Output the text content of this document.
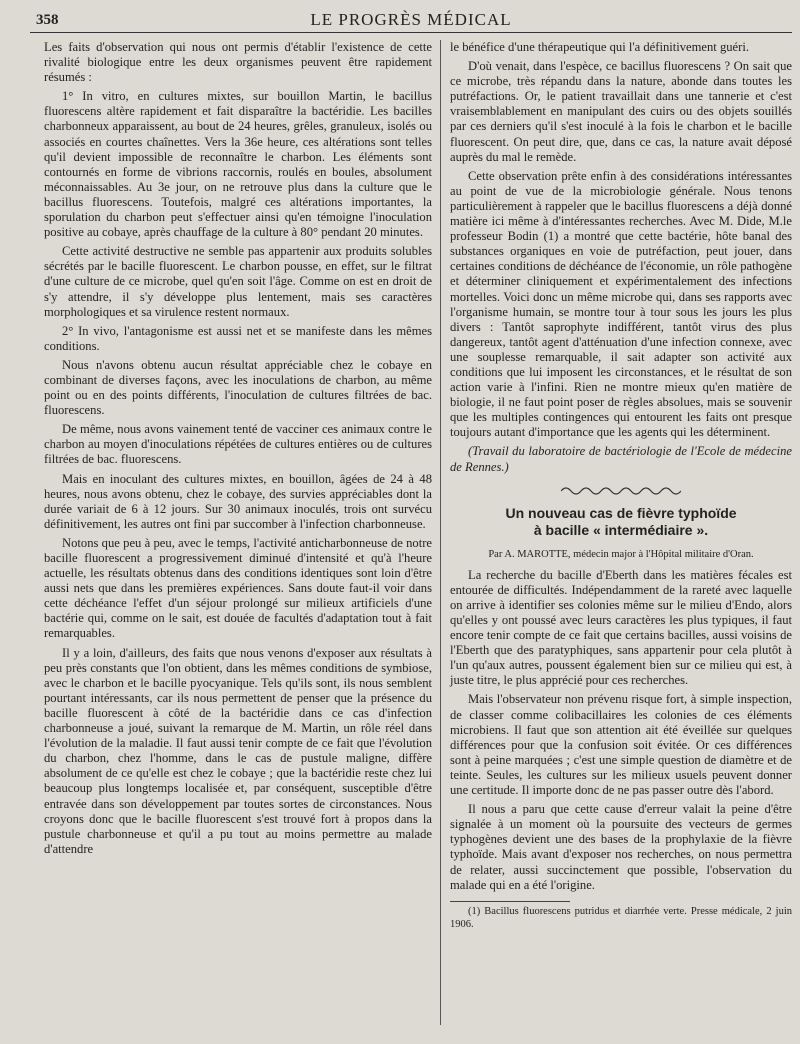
358	LE PROGRÈS MÉDICAL

Les faits d'observation qui nous ont permis d'établir l'existence de cette rivalité biologique entre les deux organismes peuvent être rapidement résumés :

1° In vitro, en cultures mixtes, sur bouillon Martin, le bacillus fluorescens altère rapidement et fait disparaître la bactéridie. Les bacilles charbonneux apparaissent, au bout de 24 heures, grêles, granuleux, isolés ou associés en courtes chaînettes. Vers la 36e heure, ces altérations sont telles qu'il devient impossible de reconnaître le charbon. Les éléments sont contournés en forme de vibrions raccornis, roulés en boules, absolument méconnaissables. Au 3e jour, on ne retrouve plus dans la culture que le bacillus fluorescens. Toutefois, malgré ces altérations importantes, la sporulation du charbon peut s'effectuer ainsi qu'en témoigne l'inoculation positive au cobaye, après chauffage de la culture à 80° pendant 20 minutes.

Cette activité destructive ne semble pas appartenir aux produits solubles sécrétés par le bacille fluorescent. Le charbon pousse, en effet, sur le filtrat d'une culture de ce microbe, quel qu'en soit l'âge. Comme on est en droit de s'y attendre, il s'y développe plus lentement, mais ses caractères morphologiques et sa virulence restent normaux.

2° In vivo, l'antagonisme est aussi net et se manifeste dans les mêmes conditions.

Nous n'avons obtenu aucun résultat appréciable chez le cobaye en combinant de diverses façons, avec les inoculations de charbon, au même point ou en des points différents, l'inoculation de cultures filtrées de bac. fluorescens.

De même, nous avons vainement tenté de vacciner ces animaux contre le charbon au moyen d'inoculations répétées de cultures entières ou de cultures filtrées de bac. fluorescens.

Mais en inoculant des cultures mixtes, en bouillon, âgées de 24 à 48 heures, nous avons obtenu, chez le cobaye, des survies appréciables dont la durée variait de 6 à 12 jours. Sur 30 animaux inoculés, trois ont survécu définitivement, les autres ont fini par succomber à l'infection charbonneuse.

Notons que peu à peu, avec le temps, l'activité anticharbonneuse de notre bacille fluorescent a progressivement diminué d'intensité et qu'à l'heure actuelle, les résultats obtenus dans des conditions identiques sont loin d'être aussi nets que dans les premières expériences. Sans doute faut-il voir dans cette déchéance l'effet d'un séjour prolongé sur milieux artificiels d'une bactérie qui, comme on le sait, est douée de facultés d'adaptation tout à fait remarquables.

Il y a loin, d'ailleurs, des faits que nous venons d'exposer aux résultats à peu près constants que l'on obtient, dans les mêmes conditions de symbiose, avec le charbon et le bacille pyocyanique. Tels qu'ils sont, ils nous semblent pourtant intéressants, car ils nous permettent de penser que la présence du bacille fluorescent à côté de la bactéridie dans ce cas d'infection charbonneuse a joué, suivant la remarque de M. Martin, un rôle réel dans l'évolution de la maladie. Il faut aussi tenir compte de ce fait que l'évolution du charbon, chez l'homme, dans le cas de pustule maligne, diffère absolument de ce qu'elle est chez le cobaye ; que la bactéridie reste chez lui beaucoup plus longtemps localisée et, par conséquent, susceptible d'être entravée dans son développement par toutes sortes de circonstances. Nous croyons donc que le bacille fluorescent s'est trouvé fort à propos dans la pustule charbonneuse et qu'il a pu tout au moins permettre au malade d'attendre

le bénéfice d'une thérapeutique qui l'a définitivement guéri.

D'où venait, dans l'espèce, ce bacillus fluorescens ? On sait que ce microbe, très répandu dans la nature, abonde dans toutes les putréfactions. Or, le patient travaillait dans une tannerie et c'est vraisemblablement en manipulant des cuirs ou des objets souillés par ces derniers qu'il s'est inoculé à la fois le charbon et le bacille fluorescent. On peut dire, que, dans ce cas, la nature avait déposé auprès du mal le remède.

Cette observation prête enfin à des considérations intéressantes au point de vue de la microbiologie générale. Nous tenons particulièrement à rappeler que le bacillus fluorescens a déjà donné matière ici même à d'intéressantes recherches. Avec M. Dide, M.le professeur Bodin (1) a montré que cette bactérie, hôte banal des substances organiques en voie de putréfaction, peut jouer, dans certaines conditions de déchéance de l'économie, un rôle pathogène et déterminer cliniquement et expérimentalement des infections mortelles. Voici donc un même microbe qui, dans ses rapports avec l'organisme humain, se montre tour à tour sous les jours les plus divers : Tantôt saprophyte indifférent, tantôt virus des plus dangereux, tantôt agent d'atténuation d'une infection connexe, avec une souplesse remarquable, il sait adapter son activité aux conditions que lui imposent les circonstances, et le résultat de son action varie à l'infini. Rien ne montre mieux qu'en matière de biologie, il ne faut point poser de règles absolues, mais se souvenir que les multiples contingences qui entourent les faits ont presque toujours autant d'importance que les agents qui les déterminent.

(Travail du laboratoire de bactériologie de l'Ecole de médecine de Rennes.)

Un nouveau cas de fièvre typhoïde
à bacille « intermédiaire ».
Par A. MAROTTE, médecin major à l'Hôpital militaire d'Oran.

La recherche du bacille d'Eberth dans les matières fécales est entourée de difficultés. Indépendamment de la rareté avec laquelle on arrive à identifier ses colonies même sur le milieu d'Endo, alors qu'elles y ont poussé avec leurs caractères les plus typiques, il faut encore tenir compte de ce fait que certains bacilles, aussi voisins de l'Eberth que des paratyphiques, sans appartenir pour cela plutôt à l'un qu'aux autres, poussent également bien sur ce milieu qui est, à juste titre, le plus apprécié pour ces recherches.

Mais l'observateur non prévenu risque fort, à simple inspection, de classer comme colibacillaires les colonies de ces éléments microbiens. Il faut que son attention ait été éveillée sur quelques différences pour que la confusion soit évitée. Or ces différences sont à peine marquées ; c'est une simple question de diamètre et de teinte. Seules, les cultures sur les milieux usuels peuvent donner une certitude. Il importe donc de ne pas passer outre dès l'abord.

Il nous a paru que cette cause d'erreur valait la peine d'être signalée à un moment où la poursuite des vecteurs de germes typhogènes devient une des bases de la prophylaxie de la fièvre typhoïde. Mais avant d'exposer nos recherches, on nous permettra de relater, aussi succinctement que possible, l'observation du malade qui en a été l'origine.

(1) Bacillus fluorescens putridus et diarrhée verte. Presse médicale, 2 juin 1906.
